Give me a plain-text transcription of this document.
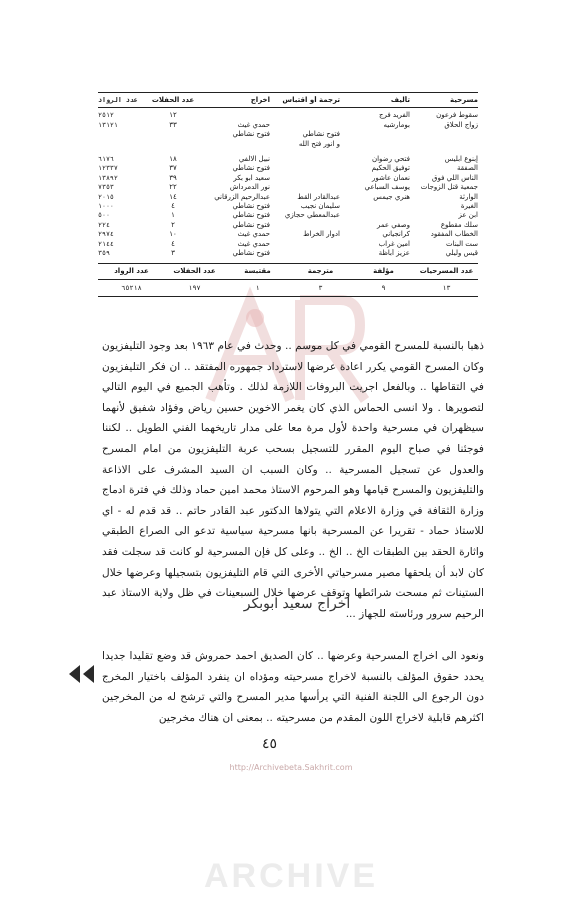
مسرحية
تأليف
ترجمة أو اقتباس
اخراج
عدد الحفلات
عدد الرواد
سقوط فرعون
الفريد فرج
١٢
٢٥١٢
زواج الحلاق
بومارشيه
حمدي غيث
٣٣
١٣١٢١
فتوح نشاطي
فتوح نشاطي
و انور فتح الله
إبنوع ابليس
فتحي رضوان
نبيل الالفي
١٨
٦١٧٦
الصفقة
توفيق الحكيم
فتوح نشاطي
٣٧
١٢٣٣٧
الناس اللي فوق
نعمان عاشور
سعيد ابو بكر
٣٩
١٣٨٩٢
جمعية قتل الزوجات
يوسف السباعي
نور الدمرداش
٢٢
٧٣٥٣
الوارثة
هنري جيمس
عبدالقادر القط
عبدالرحيم الزرقاني
١٤
٢٠١٥
الغيرة
سليمان نجيب
فتوح نشاطي
٤
١٠٠٠
ابن عز
عبدالمعطي حجازي
فتوح نشاطي
١
٥٠٠
سلك مقطوع
وصفي عمر
فتوح نشاطي
٢
٢٢٤
الخطاب المفقود
كرانجياني
ادوار الخراط
حمدي غيث
١٠
٢٩٧٤
ست البنات
امين غراب
حمدي غيث
٤
٢١٤٤
قيس وليلي
عزيز أباظة
فتوح نشاطي
٣
٣٥٩
عدد المسرحيات
مؤلفة
مترجمة
مقتبسة
عدد الحفلات
عدد الرواد
١٣
٩
٣
١
١٩٧
٦٥٢١٨

ذهبا بالنسبة للمسرح القومي في كل موسم .. وحدث في عام ١٩٦٣ بعد وجود التليفزيون وكان المسرح القومي يكرر اعادة عرضها لاسترداد جمهوره المفتقد .. ان فكر التليفزيون في التقاطها .. وبالفعل اجريت البروفات اللازمة لذلك . وتأهب الجميع في اليوم التالي لتصويرها . ولا انسى الحماس الذي كان يغمر الاخوين حسين رياض وفؤاد شفيق لأنهما سيظهران في مسرحية واحدة لأول مرة معا على مدار تاريخهما الفني الطويل .. لكننا فوجئنا في صباح اليوم المقرر للتسجيل بسحب عربة التليفزيون من امام المسرح والعدول عن تسجيل المسرحية .. وكان السبب ان السيد المشرف على الاذاعة والتليفزيون والمسرح قيامها وهو المرحوم الاستاذ محمد امين حماد وذلك في فترة ادماج وزارة الثقافة في وزارة الاعلام التي يتولاها الدكتور عبد القادر حاتم .. قد قدم له - اي للاستاذ حماد - تقريرا عن المسرحية بانها مسرحية سياسية تدعو الى الصراع الطبقي واثارة الحقد بين الطبقات الخ .. الخ .. وعلى كل فإن المسرحية لو كانت قد سجلت فقد كان لابد أن يلحقها مصير مسرحياتي الأخرى التي قام التليفزيون بتسجيلها وعرضها خلال الستينات ثم مسحت شرائطها وتوقف عرضها خلال السبعينات في ظل ولاية الاستاذ عبد الرحيم سرور ورئاسته للجهاز ...

اخراج سعيد ابوبكر

ونعود الى اخراج المسرحية وعرضها .. كان الصديق احمد حمروش قد وضع تقليدا جديدا يحدد حقوق المؤلف بالنسبة لاخراج مسرحيته ومؤداه ان ينفرد المؤلف باختيار المخرج دون الرجوع الى اللجنة الفنية التي يرأسها مدير المسرح والتي ترشح له من المخرجين اكثرهم قابلية لاخراج اللون المقدم من مسرحيته .. بمعنى ان هناك مخرجين

٤٥
http://Archivebeta.Sakhrit.com
ARCHIVE
